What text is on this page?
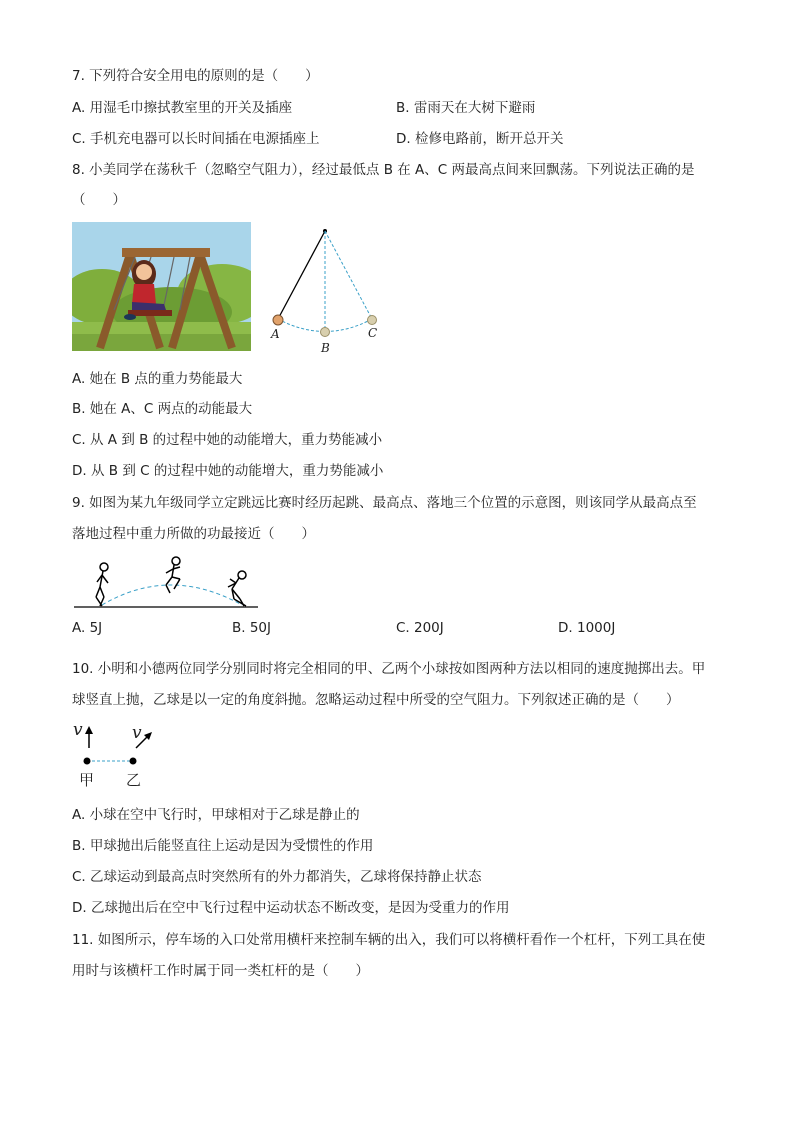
7. 下列符合安全用电的原则的是（　　）
A. 用湿毛巾擦拭教室里的开关及插座	B. 雷雨天在大树下避雨
C. 手机充电器可以长时间插在电源插座上	D. 检修电路前，断开总开关
8. 小美同学在荡秋千（忽略空气阻力），经过最低点 B 在 A、C 两最高点间来回飘荡。下列说法正确的是
（　　）
A
B
C
A. 她在 B 点的重力势能最大
B. 她在 A、C 两点的动能最大
C. 从 A 到 B 的过程中她的动能增大，重力势能减小
D. 从 B 到 C 的过程中她的动能增大，重力势能减小
9. 如图为某九年级同学立定跳远比赛时经历起跳、最高点、落地三个位置的示意图，则该同学从最高点至
落地过程中重力所做的功最接近（　　）
A. 5J	B. 50J	C. 200J	D. 1000J
10. 小明和小德两位同学分别同时将完全相同的甲、乙两个小球按如图两种方法以相同的速度抛掷出去。甲
球竖直上抛，乙球是以一定的角度斜抛。忽略运动过程中所受的空气阻力。下列叙述正确的是（　　）
v	v
甲 乙
A. 小球在空中飞行时，甲球相对于乙球是静止的
B. 甲球抛出后能竖直往上运动是因为受惯性的作用
C. 乙球运动到最高点时突然所有的外力都消失，乙球将保持静止状态
D. 乙球抛出后在空中飞行过程中运动状态不断改变，是因为受重力的作用
11. 如图所示，停车场的入口处常用横杆来控制车辆的出入，我们可以将横杆看作一个杠杆，下列工具在使
用时与该横杆工作时属于同一类杠杆的是（　　）
